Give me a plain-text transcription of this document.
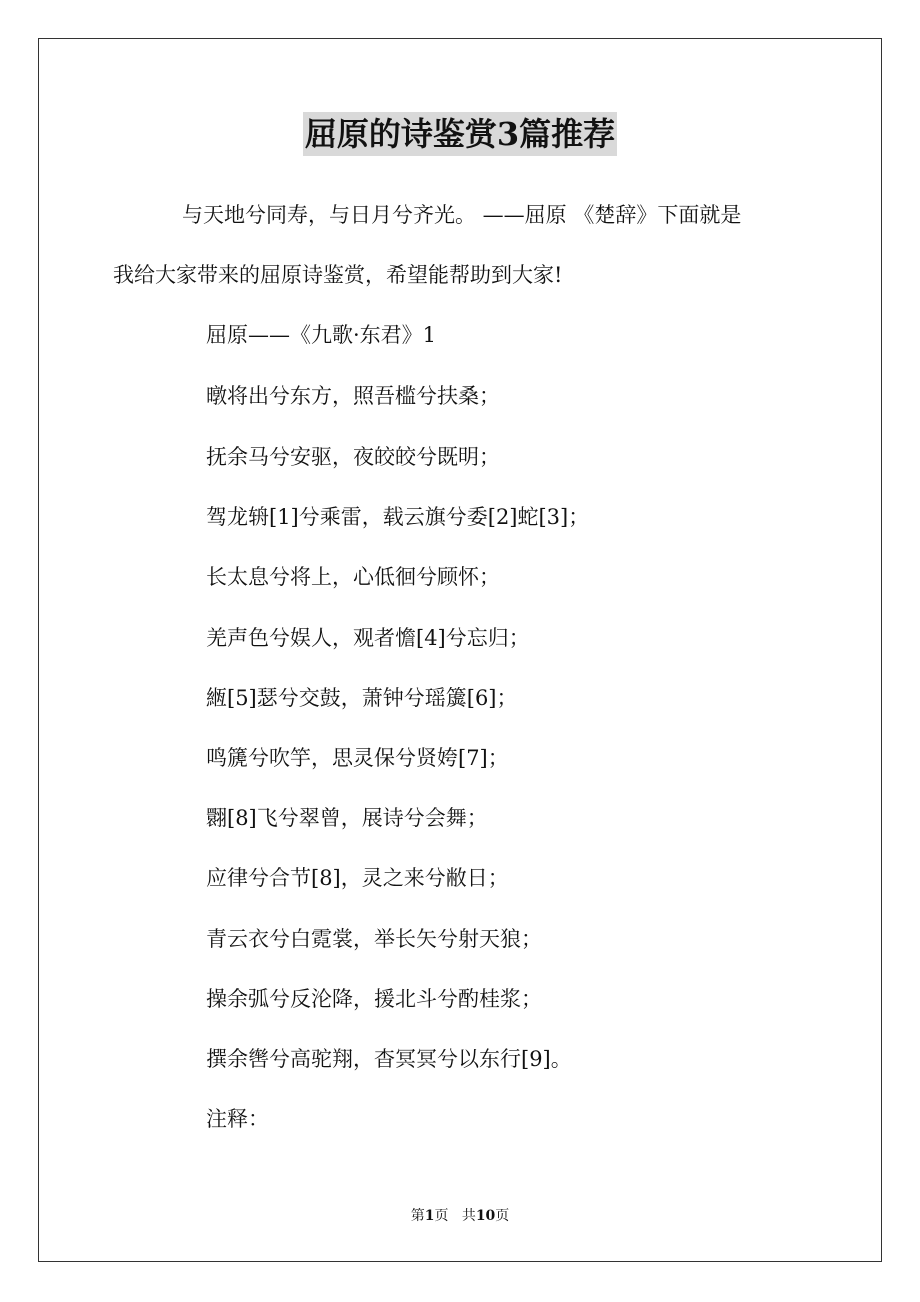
屈原的诗鉴赏3篇推荐
与天地兮同寿，与日月兮齐光。 ——屈原 《楚辞》下面就是
我给大家带来的屈原诗鉴赏，希望能帮助到大家!
屈原——《九歌·东君》1
暾将出兮东方，照吾槛兮扶桑；
抚余马兮安驱，夜皎皎兮既明；
驾龙辀[1]兮乘雷，载云旗兮委[2]蛇[3]；
长太息兮将上，心低徊兮顾怀；
羌声色兮娱人，观者憺[4]兮忘归；
緪[5]瑟兮交鼓，萧钟兮瑶簴[6]；
鸣篪兮吹竽，思灵保兮贤姱[7]；
翾[8]飞兮翠曾，展诗兮会舞；
应律兮合节[8]，灵之来兮敝日；
青云衣兮白霓裳，举长矢兮射天狼；
操余弧兮反沦降，援北斗兮酌桂浆；
撰余辔兮高驼翔，杳冥冥兮以东行[9]。
注释：
第1页 共10页
